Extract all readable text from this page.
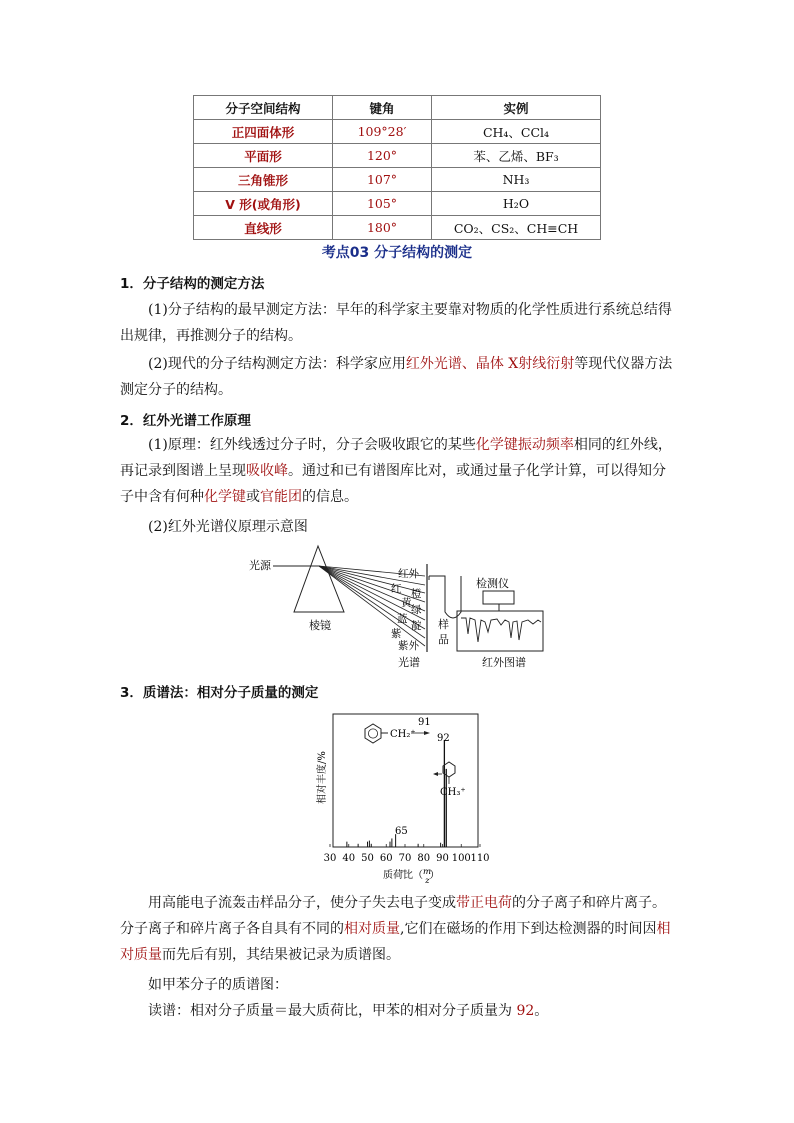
分子空间结构	键角	实例
正四面体形	109°28′	CH₄、CCl₄
平面形	120°	苯、乙烯、BF₃
三角锥形	107°	NH₃
V 形(或角形)	105°	H₂O
直线形	180°	CO₂、CS₂、CH≡CH
考点03 分子结构的测定
1．分子结构的测定方法
(1)分子结构的最早测定方法：早年的科学家主要靠对物质的化学性质进行系统总结得出规律，再推测分子的结构。
(2)现代的分子结构测定方法：科学家应用红外光谱、晶体 X射线衍射等现代仪器方法测定分子的结构。
2．红外光谱工作原理
(1)原理：红外线透过分子时，分子会吸收跟它的某些化学键振动频率相同的红外线，再记录到图谱上呈现吸收峰。通过和已有谱图库比对，或通过量子化学计算，可以得知分子中含有何种化学键或官能团的信息。
(2)红外光谱仪原理示意图
光源
棱镜
红外
红 橙
黄
绿
蓝
靛
紫
紫外
光谱
样
品
检测仪
红外图谱
3．质谱法：相对分子质量的测定
相对丰度/%
30 40 50 60 70 80 90 100 110
CH₂⁺
91
92
CH₃⁺
65
质荷比（$^m$ z）
用高能电子流轰击样品分子，使分子失去电子变成带正电荷的分子离子和碎片离子。分子离子和碎片离子各自具有不同的相对质量,它们在磁场的作用下到达检测器的时间因相对质量而先后有别，其结果被记录为质谱图。
如甲苯分子的质谱图：
读谱：相对分子质量＝最大质荷比，甲苯的相对分子质量为 92。
